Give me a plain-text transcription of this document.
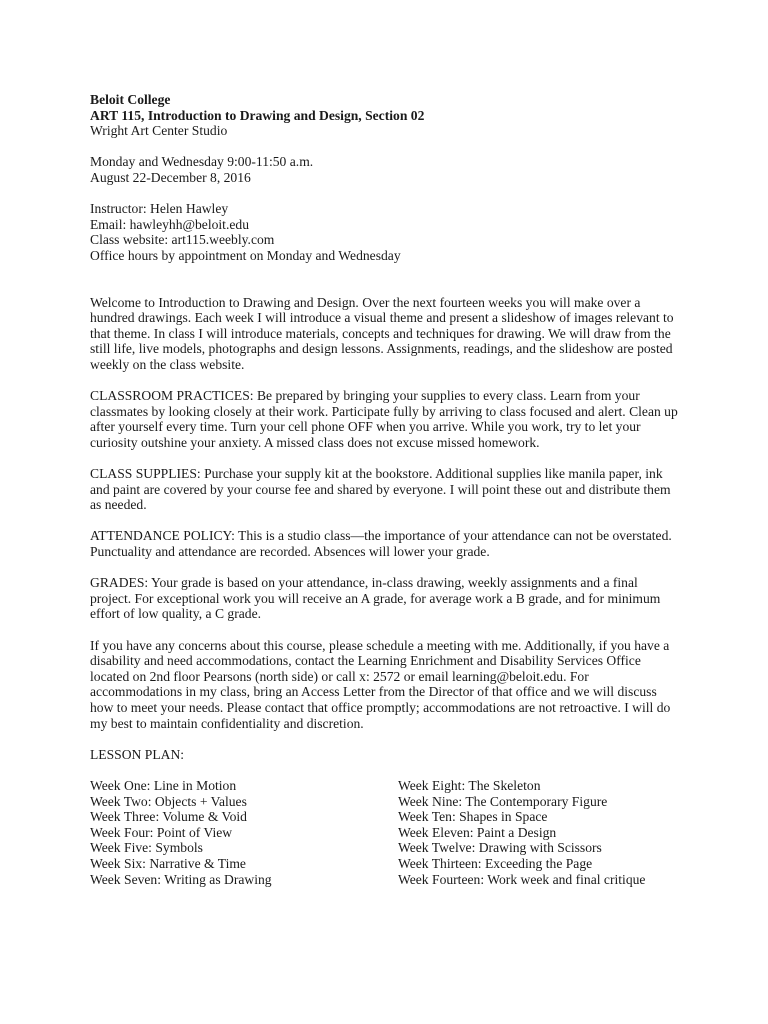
Beloit College
ART 115, Introduction to Drawing and Design, Section 02
Wright Art Center Studio
Monday and Wednesday 9:00-11:50 a.m.
August 22-December 8, 2016
Instructor: Helen Hawley
Email: hawleyhh@beloit.edu
Class website: art115.weebly.com
Office hours by appointment on Monday and Wednesday

Welcome to Introduction to Drawing and Design. Over the next fourteen weeks you will make over a hundred drawings. Each week I will introduce a visual theme and present a slideshow of images relevant to that theme. In class I will introduce materials, concepts and techniques for drawing. We will draw from the still life, live models, photographs and design lessons. Assignments, readings, and the slideshow are posted weekly on the class website.

CLASSROOM PRACTICES: Be prepared by bringing your supplies to every class. Learn from your classmates by looking closely at their work. Participate fully by arriving to class focused and alert. Clean up after yourself every time. Turn your cell phone OFF when you arrive. While you work, try to let your curiosity outshine your anxiety. A missed class does not excuse missed homework.

CLASS SUPPLIES: Purchase your supply kit at the bookstore. Additional supplies like manila paper, ink and paint are covered by your course fee and shared by everyone. I will point these out and distribute them as needed.

ATTENDANCE POLICY: This is a studio class—the importance of your attendance can not be overstated. Punctuality and attendance are recorded. Absences will lower your grade.

GRADES: Your grade is based on your attendance, in-class drawing, weekly assignments and a final project. For exceptional work you will receive an A grade, for average work a B grade, and for minimum effort of low quality, a C grade.

If you have any concerns about this course, please schedule a meeting with me. Additionally, if you have a disability and need accommodations, contact the Learning Enrichment and Disability Services Office located on 2nd floor Pearsons (north side) or call x: 2572 or email learning@beloit.edu. For accommodations in my class, bring an Access Letter from the Director of that office and we will discuss how to meet your needs. Please contact that office promptly; accommodations are not retroactive. I will do my best to maintain confidentiality and discretion.

LESSON PLAN:
Week One: Line in Motion
Week Two: Objects + Values
Week Three: Volume & Void
Week Four: Point of View
Week Five: Symbols
Week Six: Narrative & Time
Week Seven: Writing as Drawing
Week Eight: The Skeleton
Week Nine: The Contemporary Figure
Week Ten: Shapes in Space
Week Eleven: Paint a Design
Week Twelve: Drawing with Scissors
Week Thirteen: Exceeding the Page
Week Fourteen: Work week and final critique
